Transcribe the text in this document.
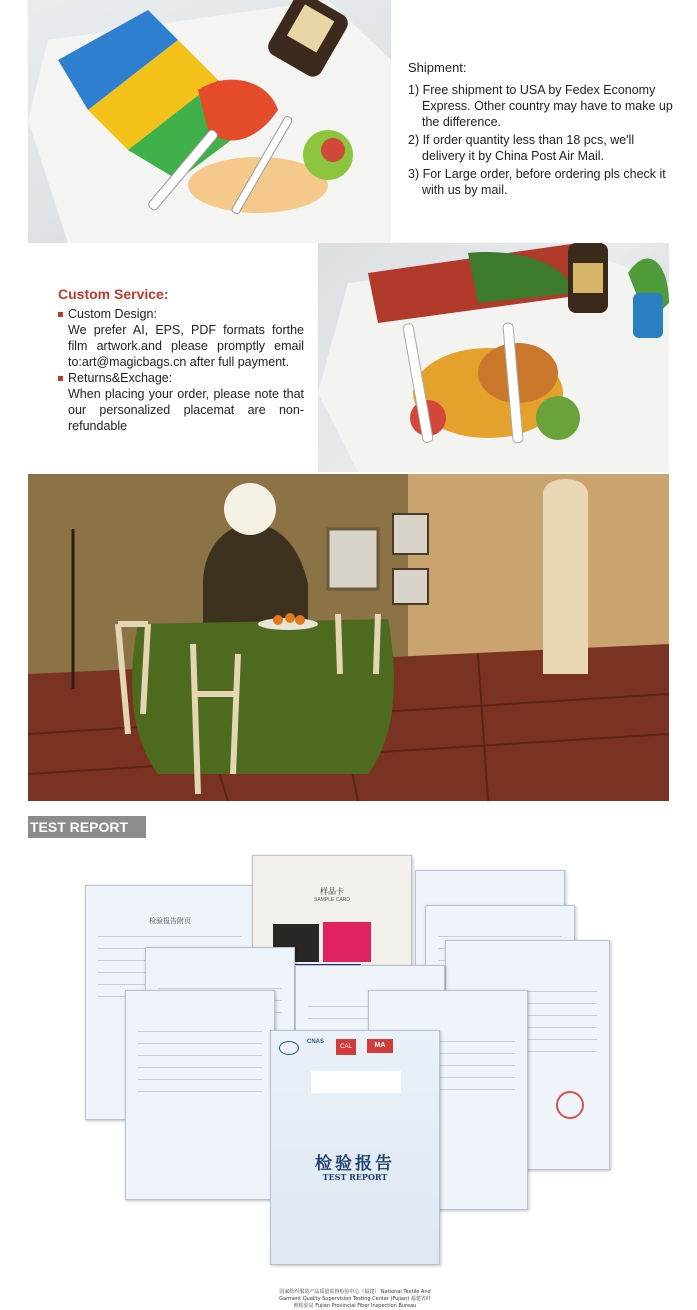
Shipment:
1) Free shipment to USA by Fedex Economy Express. Other country may have to make up the difference.
2) If order quantity less than 18 pcs, we'll delivery it by China Post Air Mail.
3) For Large order, before ordering pls check it with us by mail.
Custom Service:
Custom Design:
We prefer AI, EPS, PDF formats forthe film artwork.and please promptly email to:art@magicbags.cn after full payment.
Returns&Exchage:
When placing your order, please note that our personalized placemat are non-refundable
TEST REPORT
检验报告附页
样品卡
SAMPLE CARD
CNAS
CAL	MA
检验报告
TEST REPORT
国家纺织服装产品质量监督检验中心（福建） National Textile And Garment Quality Supervision Testing Center (Fujian) 福建省纤维检验局 Fujian Provincial Fiber Inspection Bureau
